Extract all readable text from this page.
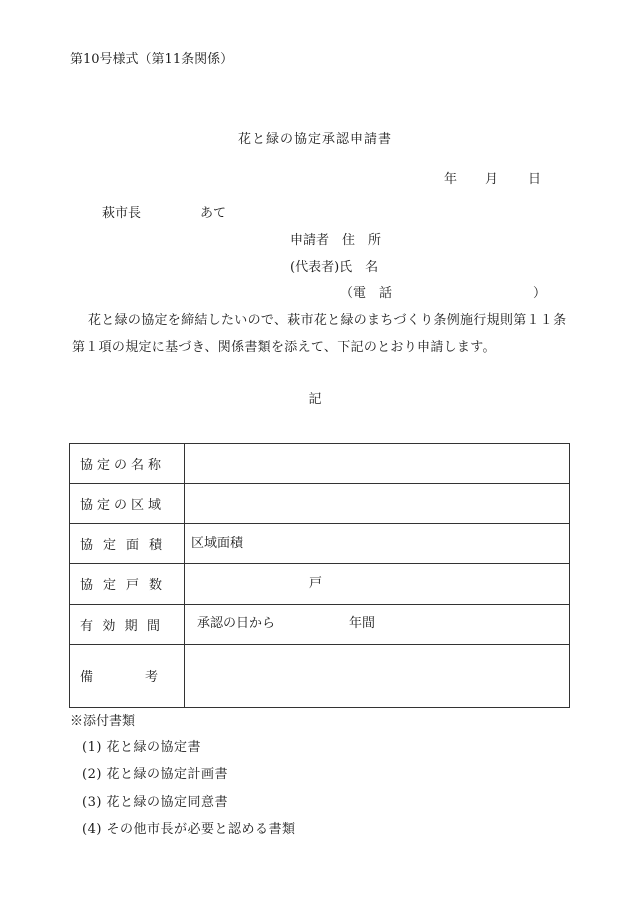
第10号様式（第11条関係）
花と緑の協定承認申請書
年 月 日
萩市長	あて
申請者　住　所
(代表者)氏　名
（電　話	）
花と緑の協定を締結したいので、萩市花と緑のまちづくり条例施行規則第１１条
第１項の規定に基づき、関係書類を添えて、下記のとおり申請します。
記
協定の名称	
協定の区域	

協 定 面 積	区域面積

協 定 戸 数	戸

有 効 期 間	承認の日から 年間

備 考	

※添付書類
(1) 花と緑の協定書
(2) 花と緑の協定計画書
(3) 花と緑の協定同意書
(4) その他市長が必要と認める書類
